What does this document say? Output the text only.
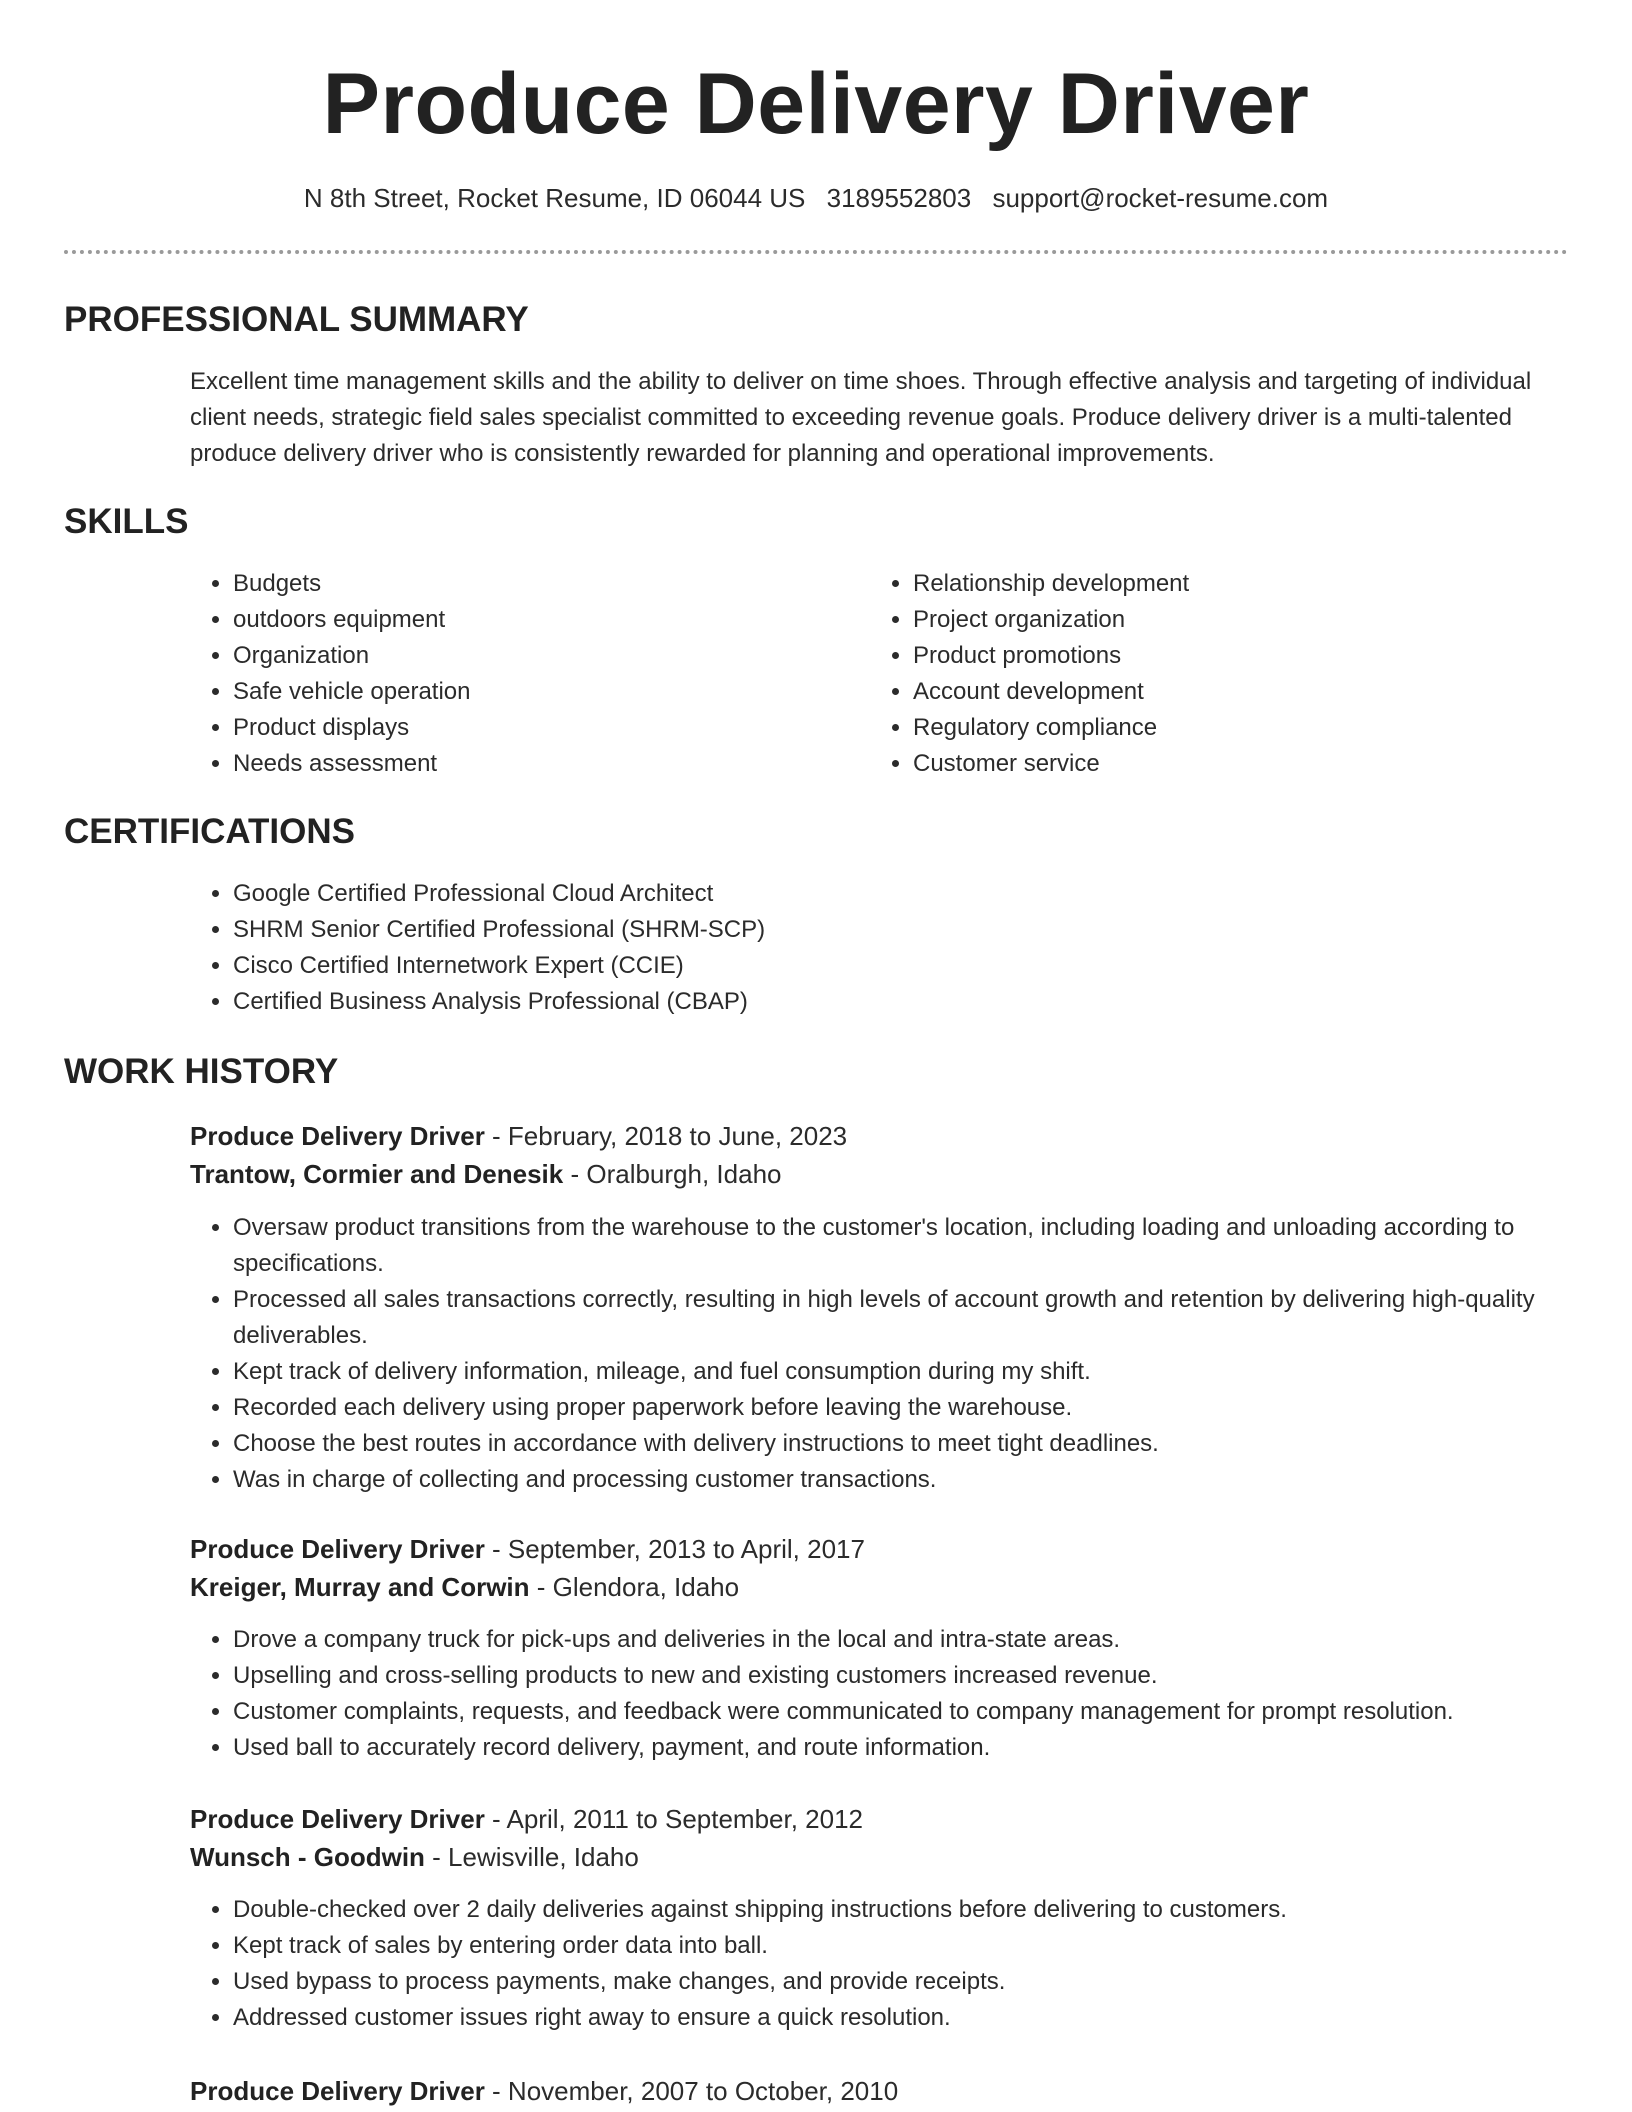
Produce Delivery Driver
N 8th Street, Rocket Resume, ID 06044 US 3189552803 support@rocket-resume.com
PROFESSIONAL SUMMARY

Excellent time management skills and the ability to deliver on time shoes. Through effective analysis and targeting of individual client needs, strategic field sales specialist committed to exceeding revenue goals. Produce delivery driver is a multi-talented produce delivery driver who is consistently rewarded for planning and operational improvements.

SKILLS
• Budgets
• outdoors equipment
• Organization
• Safe vehicle operation
• Product displays
• Needs assessment
• Relationship development
• Project organization
• Product promotions
• Account development
• Regulatory compliance
• Customer service
CERTIFICATIONS
• Google Certified Professional Cloud Architect
• SHRM Senior Certified Professional (SHRM-SCP)
• Cisco Certified Internetwork Expert (CCIE)
• Certified Business Analysis Professional (CBAP)
WORK HISTORY
Produce Delivery Driver - February, 2018 to June, 2023
Trantow, Cormier and Denesik - Oralburgh, Idaho
• Oversaw product transitions from the warehouse to the customer's location, including loading and unloading according to specifications.
• Processed all sales transactions correctly, resulting in high levels of account growth and retention by delivering high-quality deliverables.
• Kept track of delivery information, mileage, and fuel consumption during my shift.
• Recorded each delivery using proper paperwork before leaving the warehouse.
• Choose the best routes in accordance with delivery instructions to meet tight deadlines.
• Was in charge of collecting and processing customer transactions.
Produce Delivery Driver - September, 2013 to April, 2017
Kreiger, Murray and Corwin - Glendora, Idaho
• Drove a company truck for pick-ups and deliveries in the local and intra-state areas.
• Upselling and cross-selling products to new and existing customers increased revenue.
• Customer complaints, requests, and feedback were communicated to company management for prompt resolution.
• Used ball to accurately record delivery, payment, and route information.
Produce Delivery Driver - April, 2011 to September, 2012
Wunsch - Goodwin - Lewisville, Idaho
• Double-checked over 2 daily deliveries against shipping instructions before delivering to customers.
• Kept track of sales by entering order data into ball.
• Used bypass to process payments, make changes, and provide receipts.
• Addressed customer issues right away to ensure a quick resolution.
Produce Delivery Driver - November, 2007 to October, 2010
